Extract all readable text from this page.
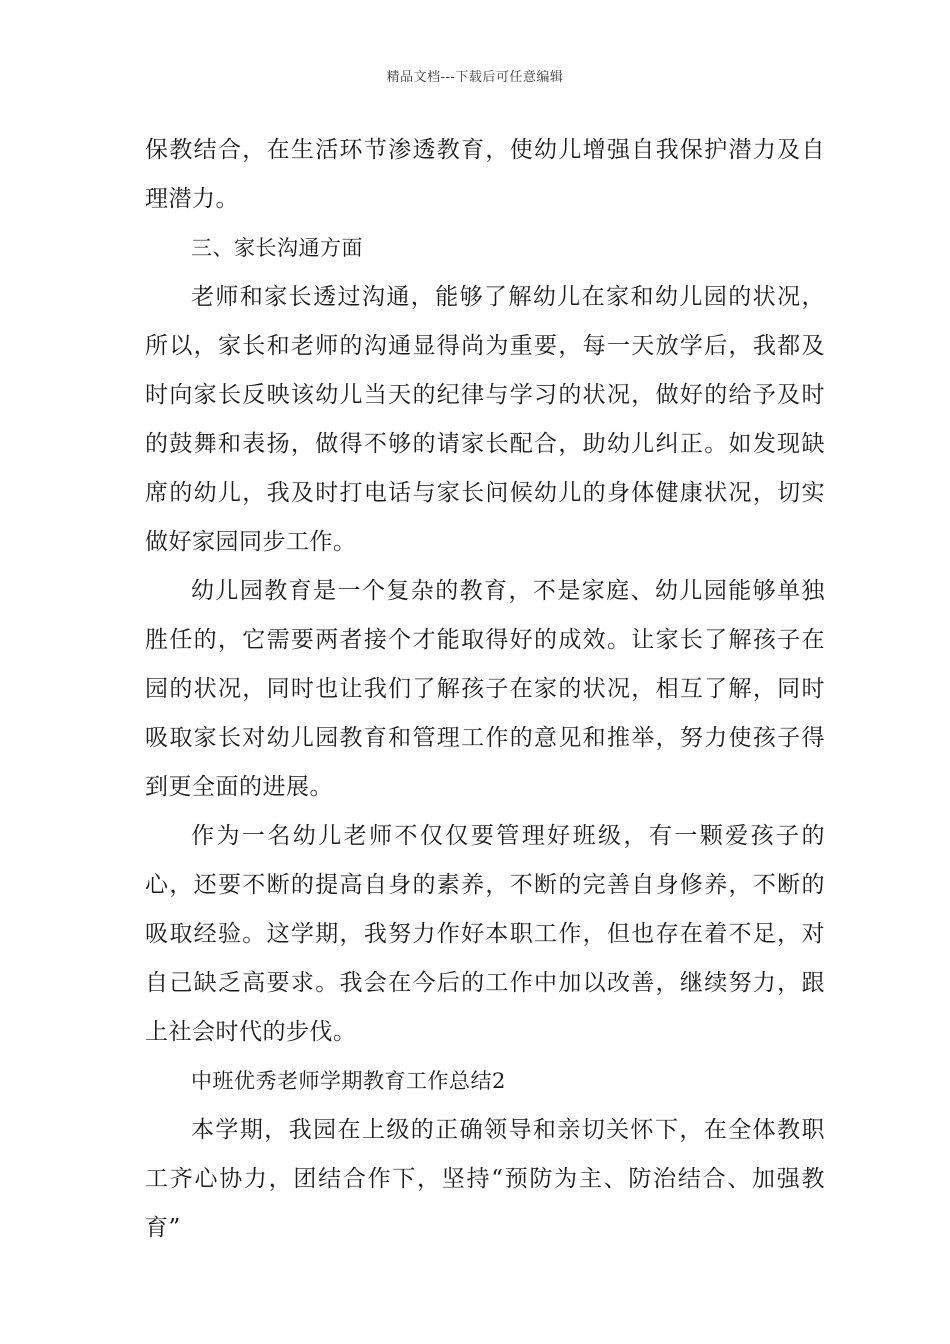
精品文档---下载后可任意编辑

保教结合，在生活环节渗透教育，使幼儿增强自我保护潜力及自理潜力。

三、家长沟通方面

老师和家长透过沟通，能够了解幼儿在家和幼儿园的状况，所以，家长和老师的沟通显得尚为重要，每一天放学后，我都及时向家长反映该幼儿当天的纪律与学习的状况，做好的给予及时的鼓舞和表扬，做得不够的请家长配合，助幼儿纠正。如发现缺席的幼儿，我及时打电话与家长问候幼儿的身体健康状况，切实做好家园同步工作。

幼儿园教育是一个复杂的教育，不是家庭、幼儿园能够单独胜任的，它需要两者接个才能取得好的成效。让家长了解孩子在园的状况，同时也让我们了解孩子在家的状况，相互了解，同时吸取家长对幼儿园教育和管理工作的意见和推举，努力使孩子得到更全面的进展。

作为一名幼儿老师不仅仅要管理好班级，有一颗爱孩子的心，还要不断的提高自身的素养，不断的完善自身修养，不断的吸取经验。这学期，我努力作好本职工作，但也存在着不足，对自己缺乏高要求。我会在今后的工作中加以改善，继续努力，跟上社会时代的步伐。

中班优秀老师学期教育工作总结2

本学期，我园在上级的正确领导和亲切关怀下，在全体教职工齐心协力，团结合作下，坚持“预防为主、防治结合、加强教育”
